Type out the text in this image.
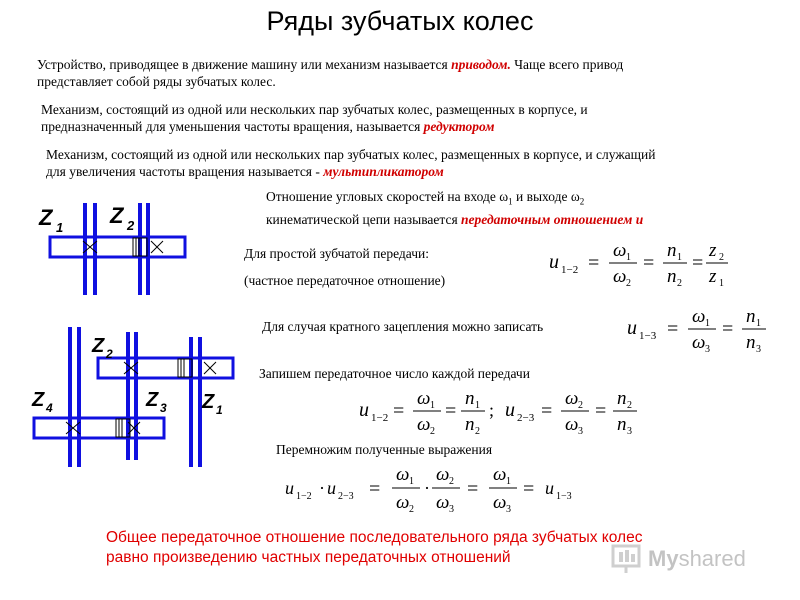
Ряды зубчатых колес
Устройство, приводящее в движение машину или механизм называется приводом. Чаще всего привод
представляет собой ряды зубчатых колес.
Механизм, состоящий из одной или нескольких пар зубчатых колес, размещенных в корпусе, и
предназначенный для уменьшения частоты вращения, называется редуктором
Механизм, состоящий из одной или нескольких пар зубчатых колес, размещенных в корпусе, и служащий
для увеличения частоты вращения называется - мультипликатором
Отношение угловых скоростей на входе $\omega_1$ и выходе $\omega_2$
кинематической цепи называется передаточным отношением u
Для простой зубчатой передачи:
(частное передаточное отношение)
Для случая кратного зацепления можно записать
Запишем передаточное число каждой передачи
Перемножим полученные выражения
Z 1 Z 2
Z 2
Z 4	Z 3 Z 1
u 1−2 =
ω 1
ω 2
=
n 1
n 2
=
z 2
z 1
u 1−3 =
ω 1
ω 3
=
n 1
n 3
u 1−2 =
ω 1
ω 2
=
n 1
n 2
; u 2−3 =
ω 2
ω 3
=
n 2
n 3
u 1−2 · u 2−3 =
ω 1
ω 2
·
ω 2
ω 3
=
ω 1
ω 3
= u 1−3
Общее передаточное отношение последовательного ряда зубчатых колес
равно произведению частных передаточных отношений	Myshared
